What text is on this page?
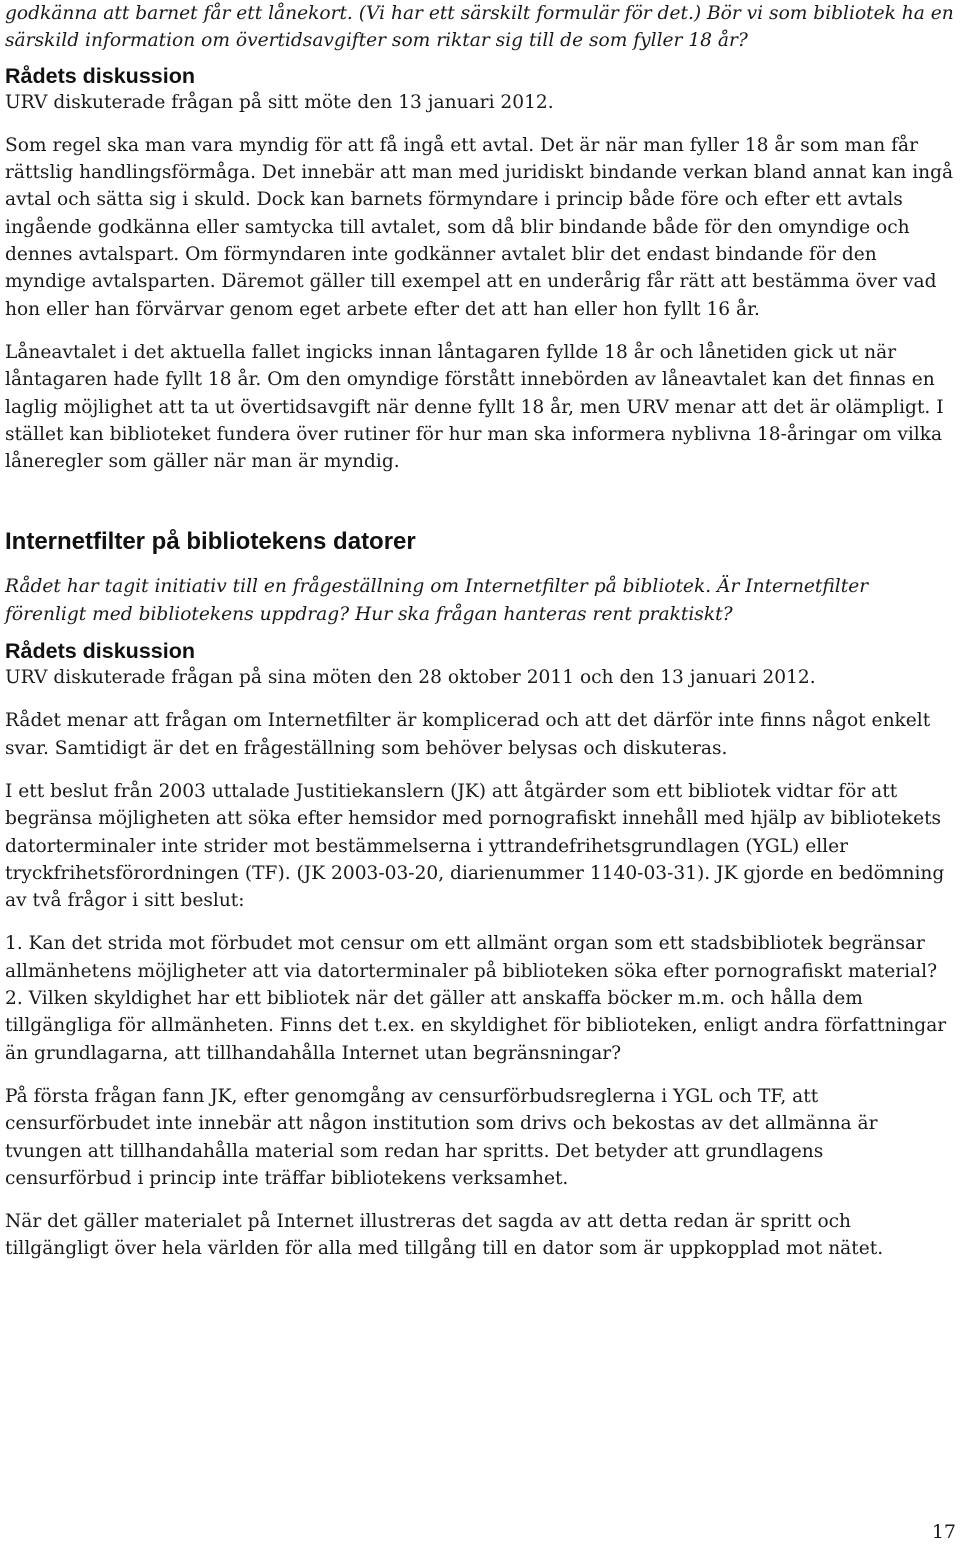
godkänna att barnet får ett lånekort. (Vi har ett särskilt formulär för det.) Bör vi som bibliotek ha en särskild information om övertidsavgifter som riktar sig till de som fyller 18 år?

Rådets diskussion

URV diskuterade frågan på sitt möte den 13 januari 2012.

Som regel ska man vara myndig för att få ingå ett avtal. Det är när man fyller 18 år som man får rättslig handlingsförmåga. Det innebär att man med juridiskt bindande verkan bland annat kan ingå avtal och sätta sig i skuld. Dock kan barnets förmyndare i princip både före och efter ett avtals ingående godkänna eller samtycka till avtalet, som då blir bindande både för den omyndige och dennes avtalspart. Om förmyndaren inte godkänner avtalet blir det endast bindande för den myndige avtalsparten. Däremot gäller till exempel att en underårig får rätt att bestämma över vad hon eller han förvärvar genom eget arbete efter det att han eller hon fyllt 16 år.

Låneavtalet i det aktuella fallet ingicks innan låntagaren fyllde 18 år och lånetiden gick ut när låntagaren hade fyllt 18 år. Om den omyndige förstått innebörden av låneavtalet kan det finnas en laglig möjlighet att ta ut övertidsavgift när denne fyllt 18 år, men URV menar att det är olämpligt. I stället kan biblioteket fundera över rutiner för hur man ska informera nyblivna 18-åringar om vilka låneregler som gäller när man är myndig.

Internetfilter på bibliotekens datorer

Rådet har tagit initiativ till en frågeställning om Internetfilter på bibliotek. Är Internetfilter förenligt med bibliotekens uppdrag? Hur ska frågan hanteras rent praktiskt?

Rådets diskussion

URV diskuterade frågan på sina möten den 28 oktober 2011 och den 13 januari 2012.

Rådet menar att frågan om Internetfilter är komplicerad och att det därför inte finns något enkelt svar. Samtidigt är det en frågeställning som behöver belysas och diskuteras.

I ett beslut från 2003 uttalade Justitiekanslern (JK) att åtgärder som ett bibliotek vidtar för att begränsa möjligheten att söka efter hemsidor med pornografiskt innehåll med hjälp av bibliotekets datorterminaler inte strider mot bestämmelserna i yttrandefrihetsgrundlagen (YGL) eller tryckfrihetsförordningen (TF). (JK 2003-03-20, diarienummer 1140-03-31). JK gjorde en bedömning av två frågor i sitt beslut:

1. Kan det strida mot förbudet mot censur om ett allmänt organ som ett stadsbibliotek begränsar allmänhetens möjligheter att via datorterminaler på biblioteken söka efter pornografiskt material?

2. Vilken skyldighet har ett bibliotek när det gäller att anskaffa böcker m.m. och hålla dem tillgängliga för allmänheten. Finns det t.ex. en skyldighet för biblioteken, enligt andra författningar än grundlagarna, att tillhandahålla Internet utan begränsningar?

På första frågan fann JK, efter genomgång av censurförbudsreglerna i YGL och TF, att censurförbudet inte innebär att någon institution som drivs och bekostas av det allmänna är tvungen att tillhandahålla material som redan har spritts. Det betyder att grundlagens censurförbud i princip inte träffar bibliotekens verksamhet.

När det gäller materialet på Internet illustreras det sagda av att detta redan är spritt och tillgängligt över hela världen för alla med tillgång till en dator som är uppkopplad mot nätet.

17
